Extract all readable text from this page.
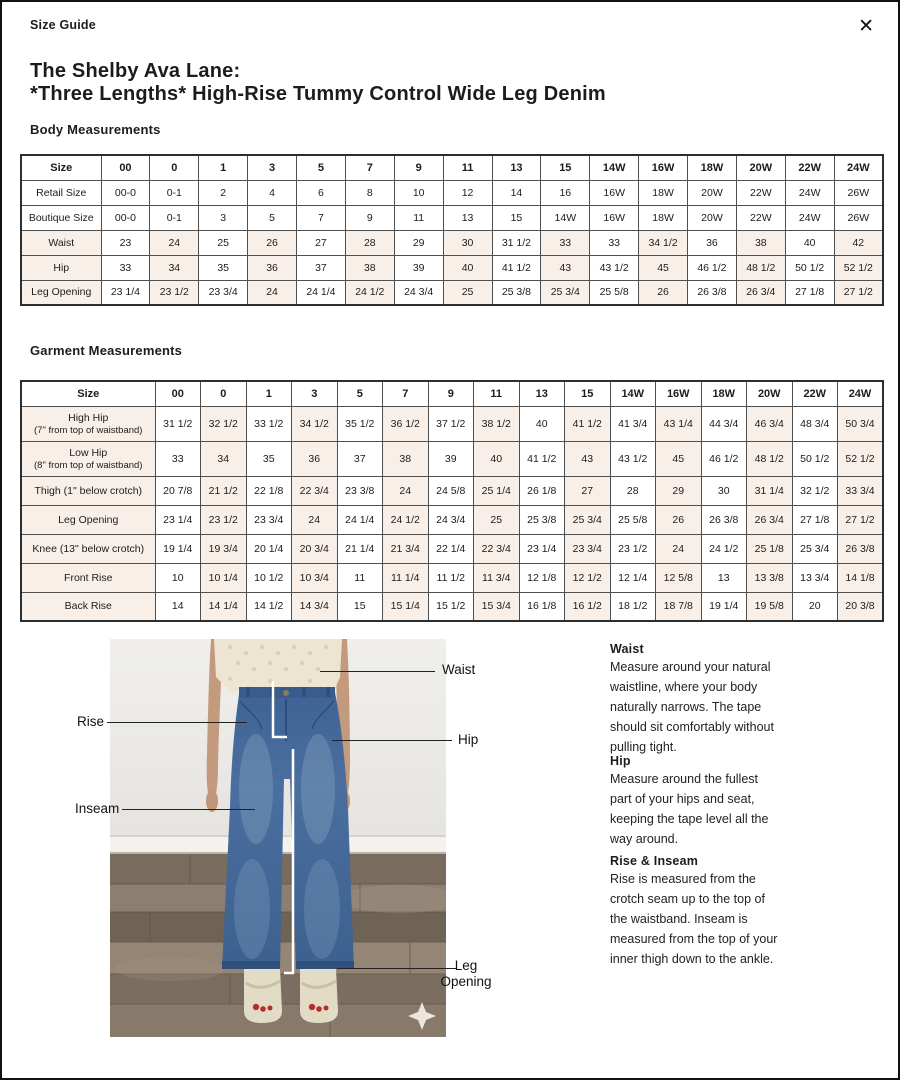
Size Guide	✕
The Shelby Ava Lane:
*Three Lengths* High-Rise Tummy Control Wide Leg Denim
Body Measurements
Size	00	0	1	3	5	7	9	11	13	15	14W	16W	18W	20W	22W	24W
Retail Size	00-0	0-1	2	4	6	8	10	12	14	16	16W	18W	20W	22W	24W	26W
Boutique Size	00-0	0-1	3	5	7	9	11	13	15	14W	16W	18W	20W	22W	24W	26W
Waist	23	24	25	26	27	28	29	30	31 1/2	33	33	34 1/2	36	38	40	42
Hip	33	34	35	36	37	38	39	40	41 1/2	43	43 1/2	45	46 1/2	48 1/2	50 1/2	52 1/2
Leg Opening	23 1/4	23 1/2	23 3/4	24	24 1/4	24 1/2	24 3/4	25	25 3/8	25 3/4	25 5/8	26	26 3/8	26 3/4	27 1/8	27 1/2
Garment Measurements
Size	00	0	1	3	5	7	9	11	13	15	14W	16W	18W	20W	22W	24W
High Hip
(7" from top of waistband)	31 1/2	32 1/2	33 1/2	34 1/2	35 1/2	36 1/2	37 1/2	38 1/2	40	41 1/2	41 3/4	43 1/4	44 3/4	46 3/4	48 3/4	50 3/4
Low Hip
(8" from top of waistband)	33	34	35	36	37	38	39	40	41 1/2	43	43 1/2	45	46 1/2	48 1/2	50 1/2	52 1/2
Thigh (1" below crotch)	20 7/8	21 1/2	22 1/8	22 3/4	23 3/8	24	24 5/8	25 1/4	26 1/8	27	28	29	30	31 1/4	32 1/2	33 3/4
Leg Opening	23 1/4	23 1/2	23 3/4	24	24 1/4	24 1/2	24 3/4	25	25 3/8	25 3/4	25 5/8	26	26 3/8	26 3/4	27 1/8	27 1/2
Knee (13" below crotch)	19 1/4	19 3/4	20 1/4	20 3/4	21 1/4	21 3/4	22 1/4	22 3/4	23 1/4	23 3/4	23 1/2	24	24 1/2	25 1/8	25 3/4	26 3/8
Front Rise	10	10 1/4	10 1/2	10 3/4	11	11 1/4	11 1/2	11 3/4	12 1/8	12 1/2	12 1/4	12 5/8	13	13 3/8	13 3/4	14 1/8
Back Rise	14	14 1/4	14 1/2	14 3/4	15	15 1/4	15 1/2	15 3/4	16 1/8	16 1/2	18 1/2	18 7/8	19 1/4	19 5/8	20	20 3/8
Waist
Rise
Hip
Inseam
Leg
Opening
Waist

Measure around your natural waistline, where your body naturally narrows. The tape should sit comfortably without pulling tight.

Hip

Measure around the fullest part of your hips and seat, keeping the tape level all the way around.

Rise & Inseam

Rise is measured from the crotch seam up to the top of the waistband. Inseam is measured from the top of your inner thigh down to the ankle.
